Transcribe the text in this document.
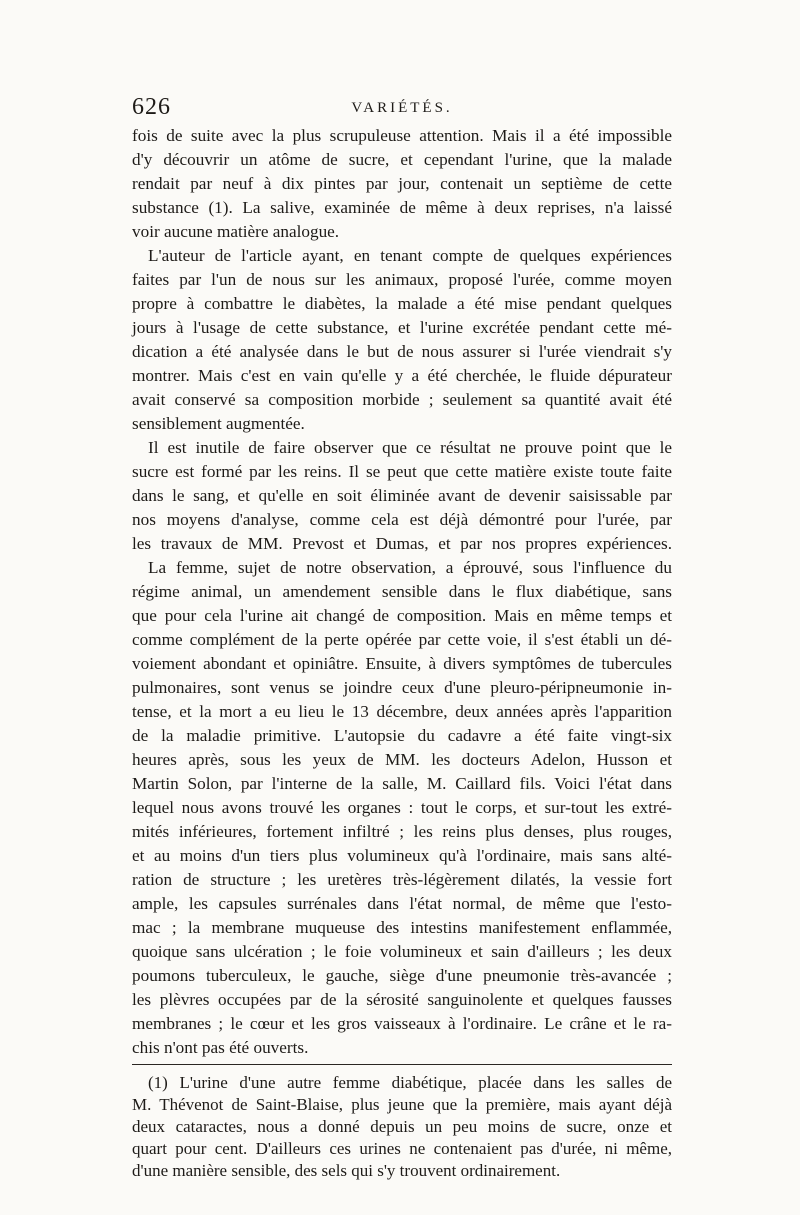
626	VARIÉTÉS.
fois de suite avec la plus scrupuleuse attention. Mais il a été impossible
d'y découvrir un atôme de sucre, et cependant l'urine, que la malade
rendait par neuf à dix pintes par jour, contenait un septième de cette
substance (1). La salive, examinée de même à deux reprises, n'a laissé
voir aucune matière analogue.
L'auteur de l'article ayant, en tenant compte de quelques expériences
faites par l'un de nous sur les animaux, proposé l'urée, comme moyen
propre à combattre le diabètes, la malade a été mise pendant quelques
jours à l'usage de cette substance, et l'urine excrétée pendant cette mé-
dication a été analysée dans le but de nous assurer si l'urée viendrait s'y
montrer. Mais c'est en vain qu'elle y a été cherchée, le fluide dépurateur
avait conservé sa composition morbide ; seulement sa quantité avait été
sensiblement augmentée.
Il est inutile de faire observer que ce résultat ne prouve point que le
sucre est formé par les reins. Il se peut que cette matière existe toute faite
dans le sang, et qu'elle en soit éliminée avant de devenir saisissable par
nos moyens d'analyse, comme cela est déjà démontré pour l'urée, par
les travaux de MM. Prevost et Dumas, et par nos propres expériences.
La femme, sujet de notre observation, a éprouvé, sous l'influence du
régime animal, un amendement sensible dans le flux diabétique, sans
que pour cela l'urine ait changé de composition. Mais en même temps et
comme complément de la perte opérée par cette voie, il s'est établi un dé-
voiement abondant et opiniâtre. Ensuite, à divers symptômes de tubercules
pulmonaires, sont venus se joindre ceux d'une pleuro-péripneumonie in-
tense, et la mort a eu lieu le 13 décembre, deux années après l'apparition
de la maladie primitive. L'autopsie du cadavre a été faite vingt-six
heures après, sous les yeux de MM. les docteurs Adelon, Husson et
Martin Solon, par l'interne de la salle, M. Caillard fils. Voici l'état dans
lequel nous avons trouvé les organes : tout le corps, et sur-tout les extré-
mités inférieures, fortement infiltré ; les reins plus denses, plus rouges,
et au moins d'un tiers plus volumineux qu'à l'ordinaire, mais sans alté-
ration de structure ; les uretères très-légèrement dilatés, la vessie fort
ample, les capsules surrénales dans l'état normal, de même que l'esto-
mac ; la membrane muqueuse des intestins manifestement enflammée,
quoique sans ulcération ; le foie volumineux et sain d'ailleurs ; les deux
poumons tuberculeux, le gauche, siège d'une pneumonie très-avancée ;
les plèvres occupées par de la sérosité sanguinolente et quelques fausses
membranes ; le cœur et les gros vaisseaux à l'ordinaire. Le crâne et le ra-
chis n'ont pas été ouverts.
(1) L'urine d'une autre femme diabétique, placée dans les salles de
M. Thévenot de Saint-Blaise, plus jeune que la première, mais ayant déjà
deux cataractes, nous a donné depuis un peu moins de sucre, onze et
quart pour cent. D'ailleurs ces urines ne contenaient pas d'urée, ni même,
d'une manière sensible, des sels qui s'y trouvent ordinairement.
